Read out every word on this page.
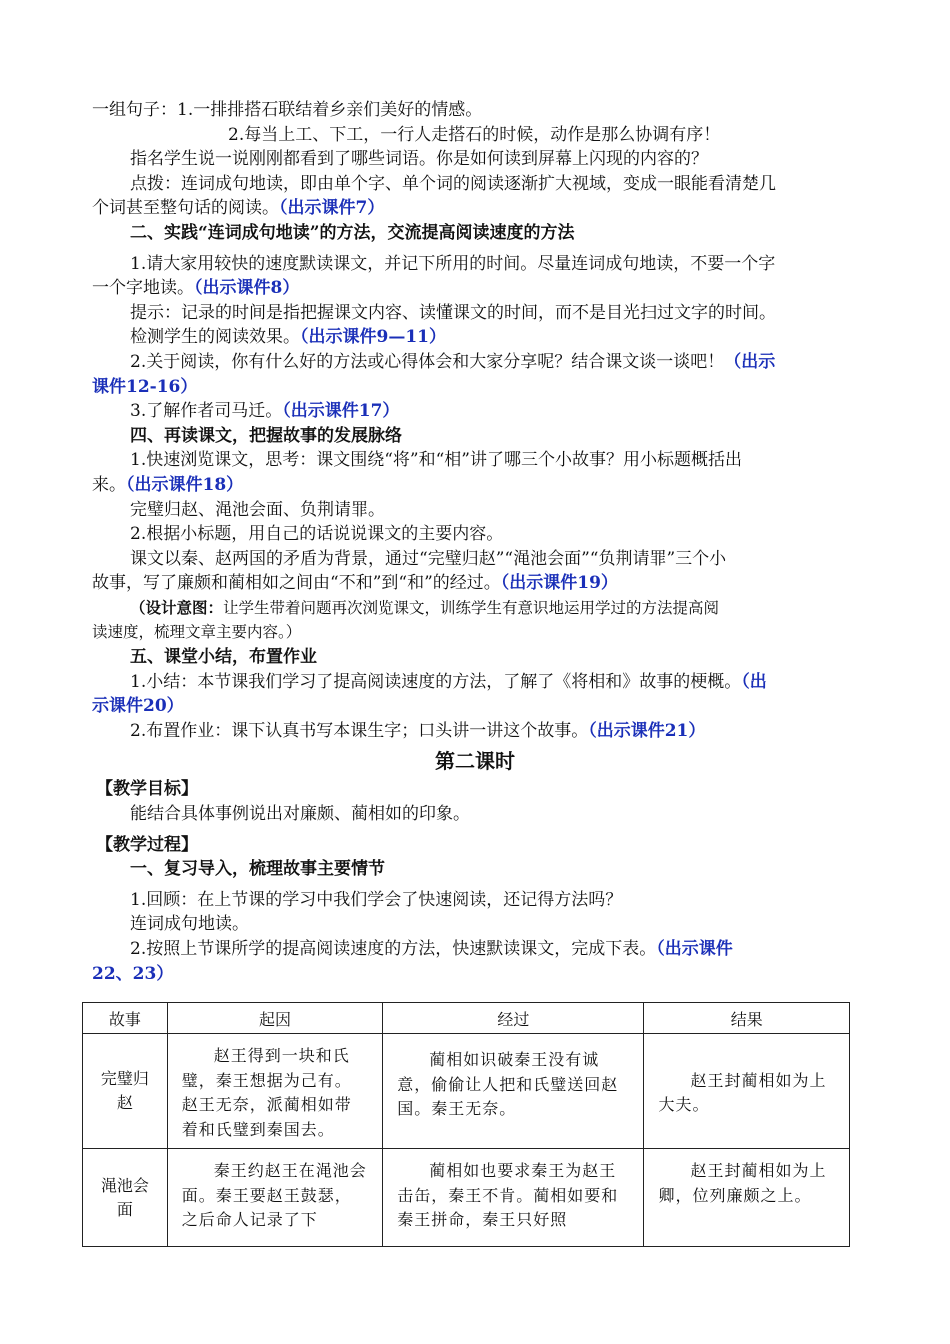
一组句子：1.一排排搭石联结着乡亲们美好的情感。
2.每当上工、下工，一行人走搭石的时候，动作是那么协调有序！
指名学生说一说刚刚都看到了哪些词语。你是如何读到屏幕上闪现的内容的？
点拨：连词成句地读，即由单个字、单个词的阅读逐渐扩大视域，变成一眼能看清楚几
个词甚至整句话的阅读。（出示课件7）
二、实践“连词成句地读”的方法，交流提高阅读速度的方法
1.请大家用较快的速度默读课文，并记下所用的时间。尽量连词成句地读，不要一个字
一个字地读。（出示课件8）
提示：记录的时间是指把握课文内容、读懂课文的时间，而不是目光扫过文字的时间。
检测学生的阅读效果。（出示课件9—11）
2.关于阅读，你有什么好的方法或心得体会和大家分享呢？结合课文谈一谈吧！（出示
课件12-16）
3.了解作者司马迁。（出示课件17）
四、再读课文，把握故事的发展脉络
1.快速浏览课文，思考：课文围绕“将”和“相”讲了哪三个小故事？用小标题概括出
来。（出示课件18）
完璧归赵、渑池会面、负荆请罪。
2.根据小标题，用自己的话说说课文的主要内容。
课文以秦、赵两国的矛盾为背景，通过“完璧归赵”“渑池会面”“负荆请罪”三个小
故事，写了廉颇和蔺相如之间由“不和”到“和”的经过。（出示课件19）
（设计意图：让学生带着问题再次浏览课文，训练学生有意识地运用学过的方法提高阅
读速度，梳理文章主要内容。）
五、课堂小结，布置作业
1.小结：本节课我们学习了提高阅读速度的方法，了解了《将相和》故事的梗概。（出
示课件20）
2.布置作业：课下认真书写本课生字；口头讲一讲这个故事。（出示课件21）
第二课时
【教学目标】
能结合具体事例说出对廉颇、蔺相如的印象。
【教学过程】
一、复习导入，梳理故事主要情节
1.回顾：在上节课的学习中我们学会了快速阅读，还记得方法吗？
连词成句地读。
2.按照上节课所学的提高阅读速度的方法，快速默读课文，完成下表。（出示课件
22、23）
故事	起因	经过	结果
完璧归
赵	赵王得到一块和氏璧，秦王想据为己有。赵王无奈，派蔺相如带着和氏璧到秦国去。	蔺相如识破秦王没有诚意，偷偷让人把和氏璧送回赵国。秦王无奈。	赵王封蔺相如为上大夫。

渑池会
面	秦王约赵王在渑池会面。秦王要赵王鼓瑟，之后命人记录了下	蔺相如也要求秦王为赵王击缶，秦王不肯。蔺相如要和秦王拼命，秦王只好照	赵王封蔺相如为上卿，位列廉颇之上。
